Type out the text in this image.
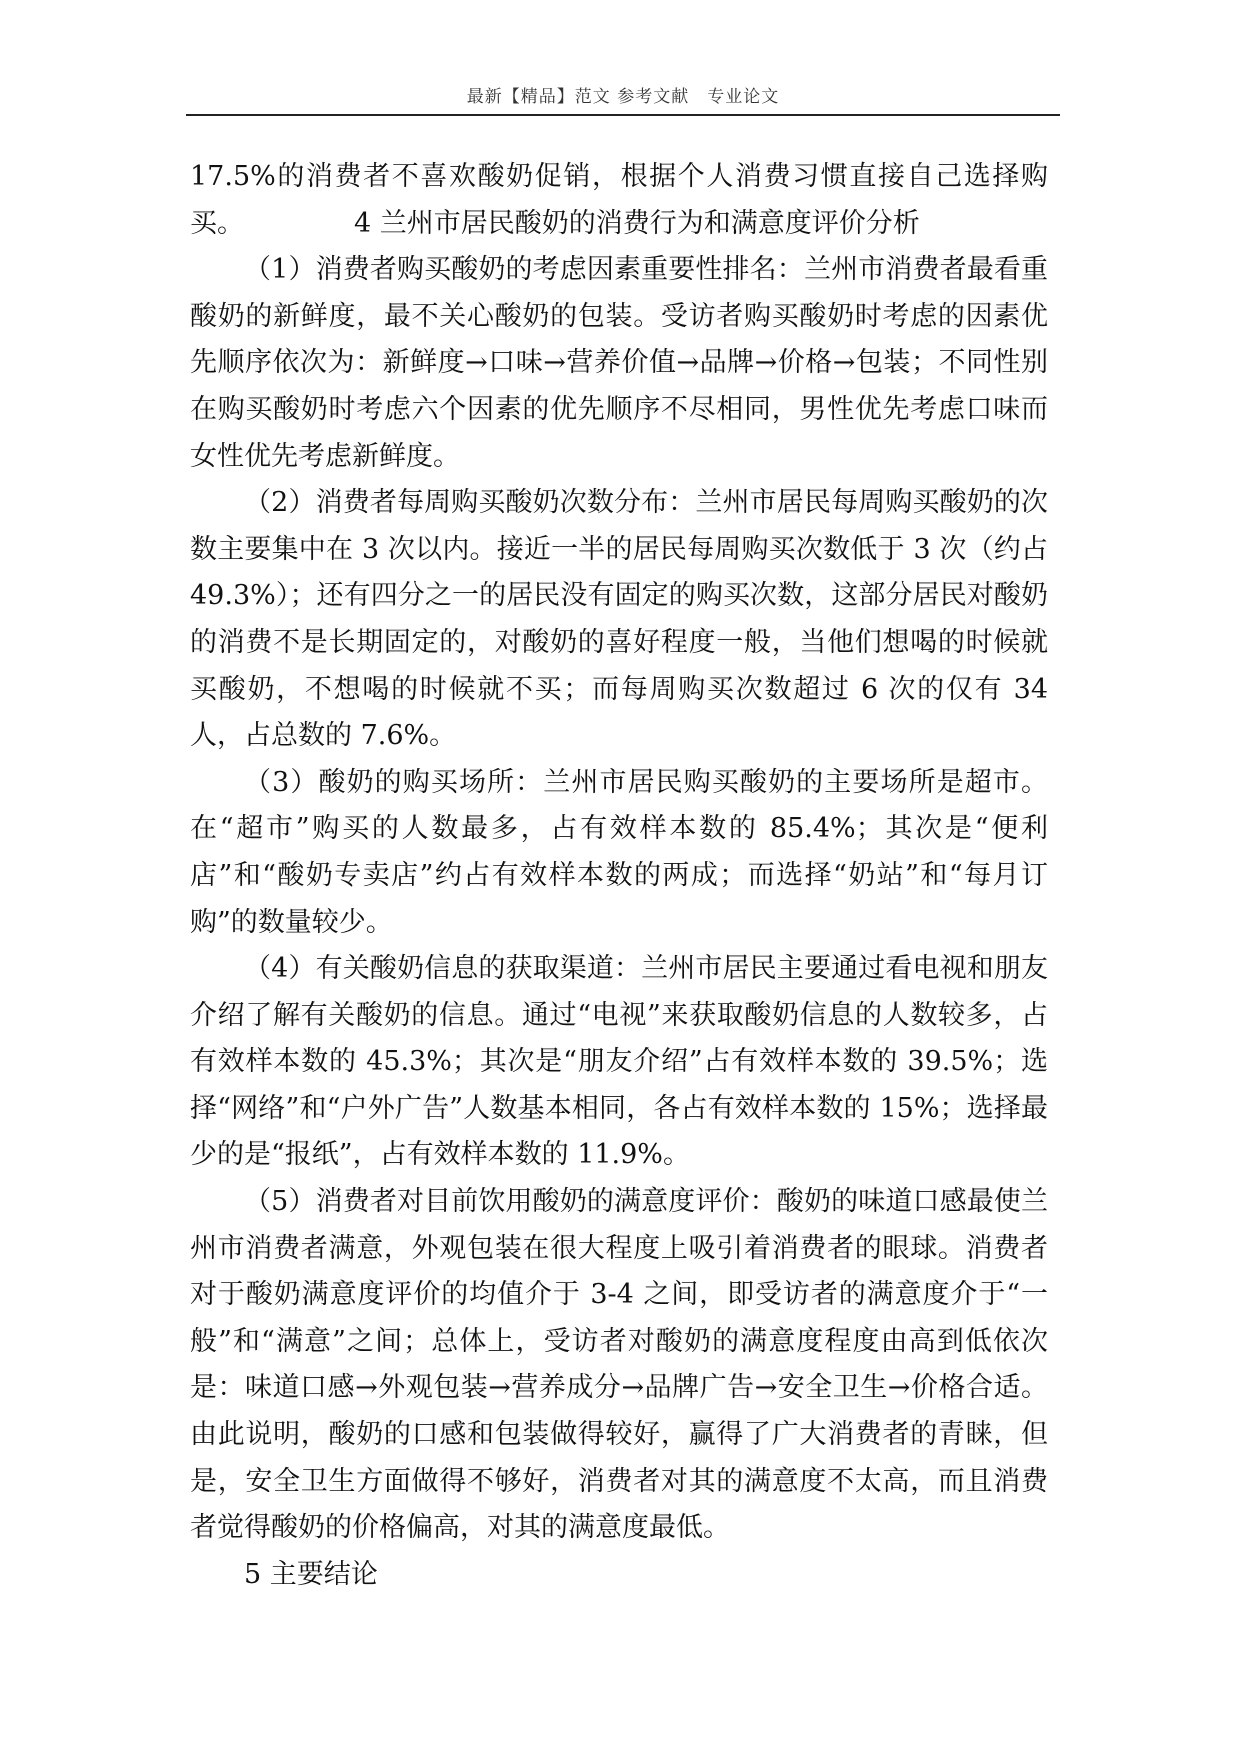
最新【精品】范文 参考文献　专业论文

17.5%的消费者不喜欢酸奶促销，根据个人消费习惯直接自己选择购买。	4 兰州市居民酸奶的消费行为和满意度评价分析

（1）消费者购买酸奶的考虑因素重要性排名：兰州市消费者最看重酸奶的新鲜度，最不关心酸奶的包装。受访者购买酸奶时考虑的因素优先顺序依次为：新鲜度→口味→营养价值→品牌→价格→包装；不同性别在购买酸奶时考虑六个因素的优先顺序不尽相同，男性优先考虑口味而女性优先考虑新鲜度。

（2）消费者每周购买酸奶次数分布：兰州市居民每周购买酸奶的次数主要集中在 3 次以内。接近一半的居民每周购买次数低于 3 次（约占 49.3%）；还有四分之一的居民没有固定的购买次数，这部分居民对酸奶的消费不是长期固定的，对酸奶的喜好程度一般，当他们想喝的时候就买酸奶，不想喝的时候就不买；而每周购买次数超过 6 次的仅有 34 人，占总数的 7.6%。

（3）酸奶的购买场所：兰州市居民购买酸奶的主要场所是超市。在“超市”购买的人数最多，占有效样本数的 85.4%；其次是“便利店”和“酸奶专卖店”约占有效样本数的两成；而选择“奶站”和“每月订购”的数量较少。

（4）有关酸奶信息的获取渠道：兰州市居民主要通过看电视和朋友介绍了解有关酸奶的信息。通过“电视”来获取酸奶信息的人数较多，占有效样本数的 45.3%；其次是“朋友介绍”占有效样本数的 39.5%；选择“网络”和“户外广告”人数基本相同，各占有效样本数的 15%；选择最少的是“报纸”，占有效样本数的 11.9%。

（5）消费者对目前饮用酸奶的满意度评价：酸奶的味道口感最使兰州市消费者满意，外观包装在很大程度上吸引着消费者的眼球。消费者对于酸奶满意度评价的均值介于 3-4 之间，即受访者的满意度介于“一般”和“满意”之间；总体上，受访者对酸奶的满意度程度由高到低依次是：味道口感→外观包装→营养成分→品牌广告→安全卫生→价格合适。由此说明，酸奶的口感和包装做得较好，赢得了广大消费者的青睐，但是，安全卫生方面做得不够好，消费者对其的满意度不太高，而且消费者觉得酸奶的价格偏高，对其的满意度最低。

5 主要结论
